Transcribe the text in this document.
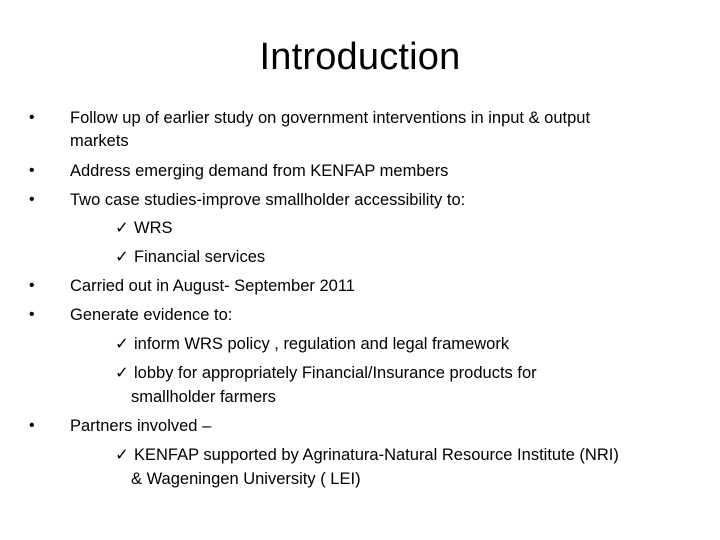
Introduction
• Follow up of earlier study on government interventions in input & output
markets
• Address emerging demand from KENFAP members
• Two case studies-improve smallholder accessibility to:
✓ WRS
✓ Financial services
• Carried out in August- September 2011
• Generate evidence to:
✓ inform WRS policy , regulation and legal framework
✓ lobby for appropriately Financial/Insurance products for
smallholder farmers
• Partners involved –
✓ KENFAP supported by Agrinatura-Natural Resource Institute (NRI)
& Wageningen University ( LEI)
